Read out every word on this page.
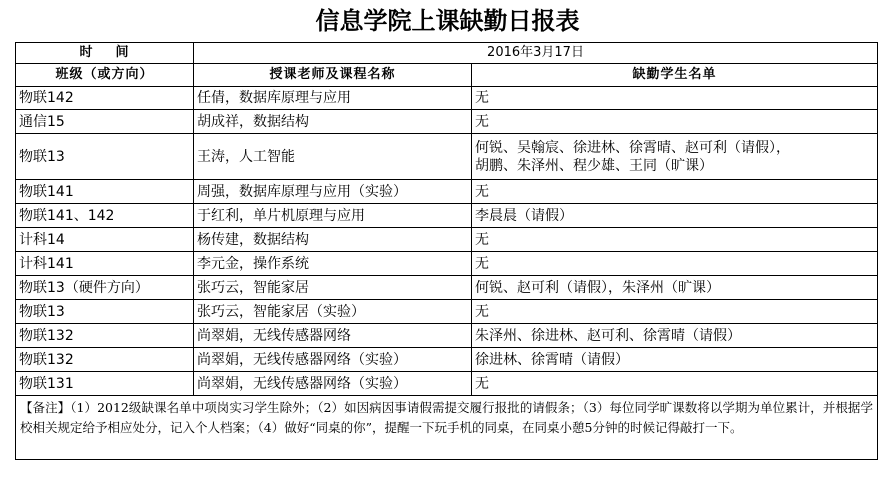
信息学院上课缺勤日报表
时    间	2016年3月17日	
班级（或方向）	授课老师及课程名称	缺勤学生名单
物联142	任倩，数据库原理与应用	无
通信15	胡成祥，数据结构	无
物联13	王涛，人工智能	何锐、吴翰宸、徐进林、徐霄晴、赵可利（请假），
胡鹏、朱泽州、程少雄、王同（旷课）

物联141	周强，数据库原理与应用（实验）	无
物联141、142	于红利，单片机原理与应用	李晨晨（请假）
计科14	杨传建，数据结构	无
计科141	李元金，操作系统	无
物联13（硬件方向）	张巧云，智能家居	何锐、赵可利（请假），朱泽州（旷课）
物联13	张巧云，智能家居（实验）	无
物联132	尚翠娟，无线传感器网络	朱泽州、徐进林、赵可利、徐霄晴（请假）
物联132	尚翠娟，无线传感器网络（实验）	徐进林、徐霄晴（请假）
物联131	尚翠娟，无线传感器网络（实验）	无
【备注】（1）2012级缺课名单中项岗实习学生除外；（2）如因病因事请假需提交履行报批的请假条；（3）每位同学旷课数将以学期为单位累计，并根据学校相关规定给予相应处分，记入个人档案；（4）做好“同桌的你”，提醒一下玩手机的同桌，在同桌小憩5分钟的时候记得敲打一下。		
